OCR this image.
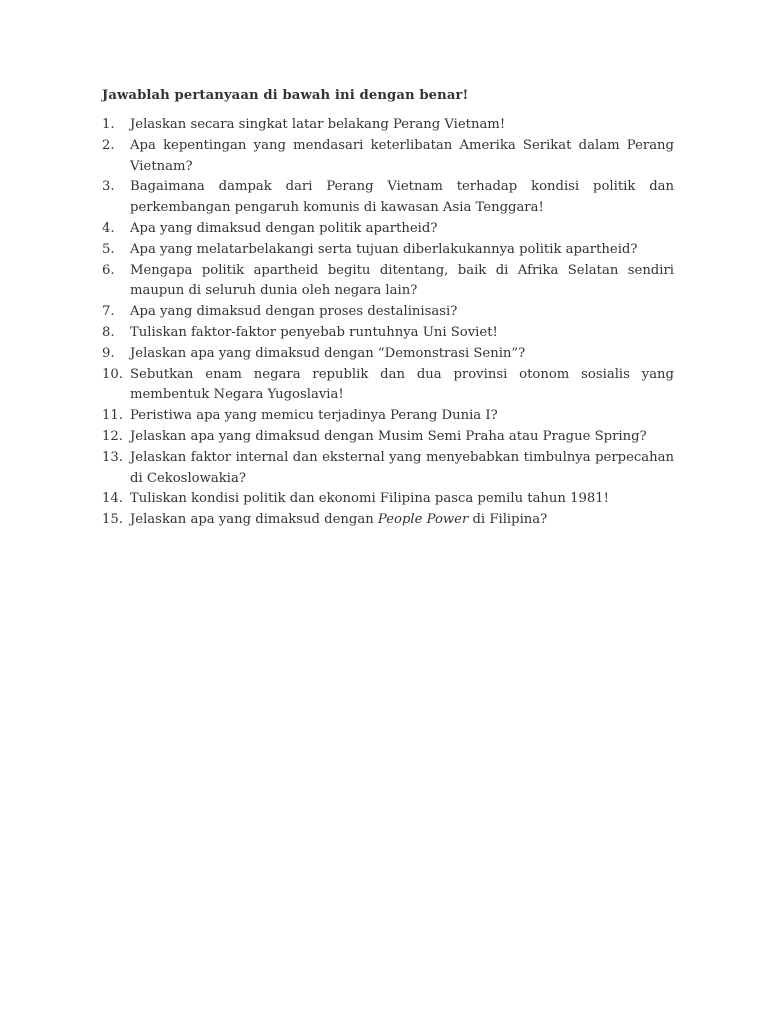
Jawablah pertanyaan di bawah ini dengan benar!
1.	Jelaskan secara singkat latar belakang Perang Vietnam!
2.	Apa kepentingan yang mendasari keterlibatan Amerika Serikat dalam Perang Vietnam?
3.	Bagaimana dampak dari Perang Vietnam terhadap kondisi politik dan perkembangan pengaruh komunis di kawasan Asia Tenggara!
4.	Apa yang dimaksud dengan politik apartheid?
5.	Apa yang melatarbelakangi serta tujuan diberlakukannya politik apartheid?
6.	Mengapa politik apartheid begitu ditentang, baik di Afrika Selatan sendiri maupun di seluruh dunia oleh negara lain?
7.	Apa yang dimaksud dengan proses destalinisasi?
8.	Tuliskan faktor-faktor penyebab runtuhnya Uni Soviet!
9.	Jelaskan apa yang dimaksud dengan “Demonstrasi Senin”?
10. Sebutkan enam negara republik dan dua provinsi otonom sosialis yang membentuk Negara Yugoslavia!
11. Peristiwa apa yang memicu terjadinya Perang Dunia I?
12. Jelaskan apa yang dimaksud dengan Musim Semi Praha atau Prague Spring?
13. Jelaskan faktor internal dan eksternal yang menyebabkan timbulnya perpecahan di Cekoslowakia?
14. Tuliskan kondisi politik dan ekonomi Filipina pasca pemilu tahun 1981!
15. Jelaskan apa yang dimaksud dengan People Power di Filipina?
